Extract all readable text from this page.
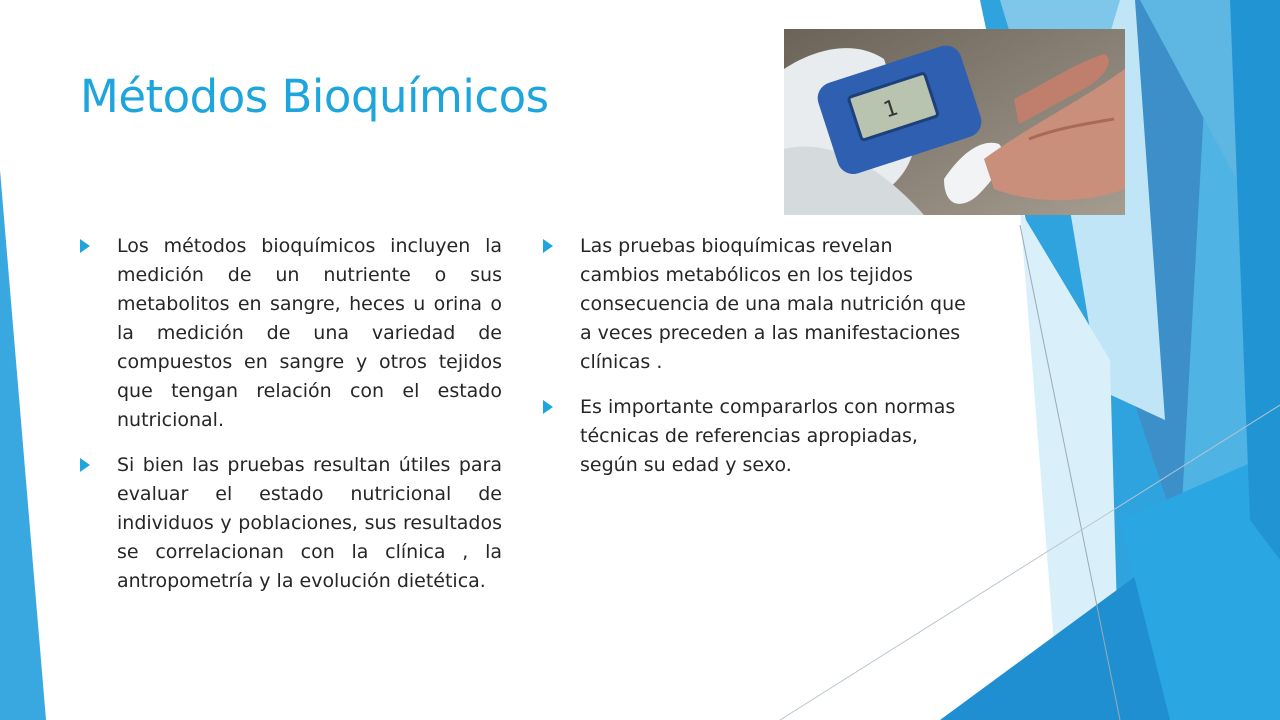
Métodos Bioquímicos
Los métodos bioquímicos incluyen la medición de un nutriente o sus metabolitos en sangre, heces u orina o la medición de una variedad de compuestos en sangre y otros tejidos que tengan relación con el estado nutricional.
Si bien las pruebas resultan útiles para evaluar el estado nutricional de individuos y poblaciones, sus resultados se correlacionan con la clínica , la antropometría y la evolución dietética.
Las pruebas bioquímicas revelan cambios metabólicos en los tejidos consecuencia de una mala nutrición que a veces preceden a las manifestaciones clínicas .
Es importante compararlos con normas técnicas de referencias apropiadas, según su edad y sexo.
1
